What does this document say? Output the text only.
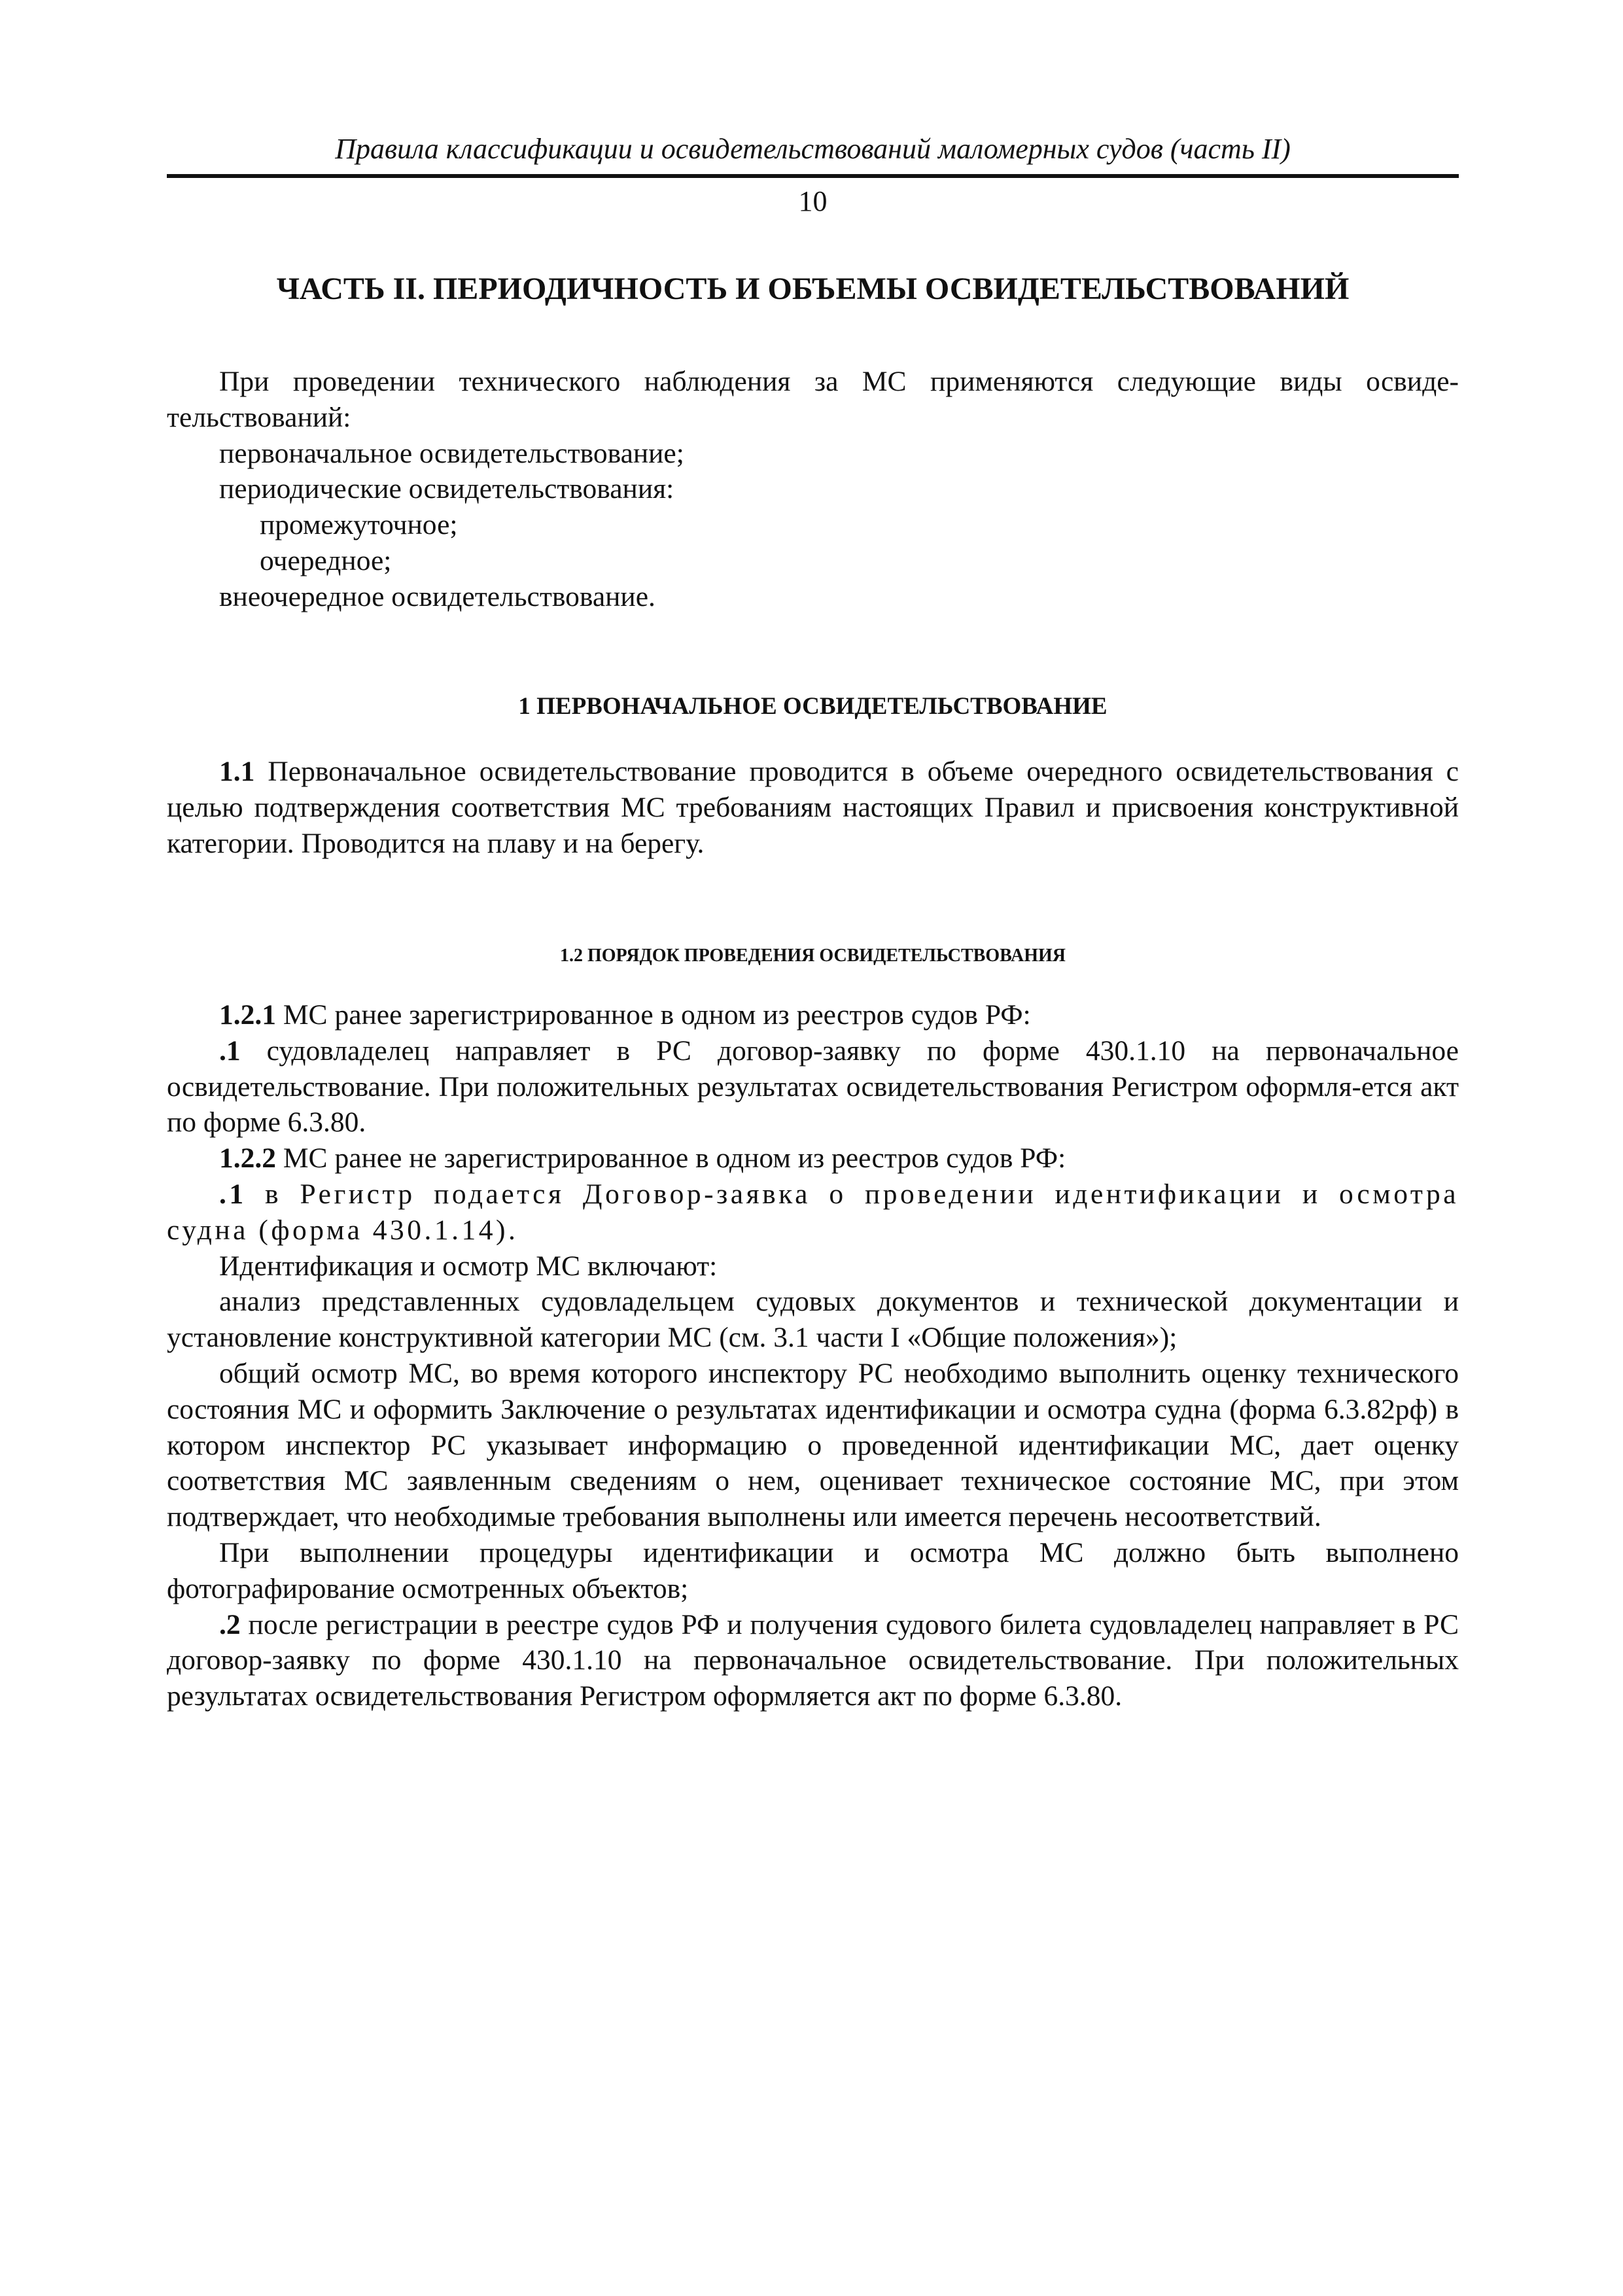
Правила классификации и освидетельствований маломерных судов (часть II)
10
ЧАСТЬ II. ПЕРИОДИЧНОСТЬ И ОБЪЕМЫ ОСВИДЕТЕЛЬСТВОВАНИЙ

При проведении технического наблюдения за МС применяются следующие виды освиде-тельствований:

первоначальное освидетельствование;

периодические освидетельствования:

промежуточное;

очередное;

внеочередное освидетельствование.

1 ПЕРВОНАЧАЛЬНОЕ ОСВИДЕТЕЛЬСТВОВАНИЕ

1.1 Первоначальное освидетельствование проводится в объеме очередного освидетельствования с целью подтверждения соответствия МС требованиям настоящих Правил и присвоения конструктивной категории. Проводится на плаву и на берегу.

1.2 ПОРЯДОК ПРОВЕДЕНИЯ ОСВИДЕТЕЛЬСТВОВАНИЯ

1.2.1 МС ранее зарегистрированное в одном из реестров судов РФ:

.1 судовладелец направляет в РС договор-заявку по форме 430.1.10 на первоначальное освидетельствование. При положительных результатах освидетельствования Регистром оформля-ется акт по форме 6.3.80.

1.2.2 МС ранее не зарегистрированное в одном из реестров судов РФ:

.1 в Регистр подается Договор-заявка о проведении идентификации и осмотра судна (форма 430.1.14).

Идентификация и осмотр МС включают:

анализ представленных судовладельцем судовых документов и технической документации и установление конструктивной категории МС (см. 3.1 части I «Общие положения»);

общий осмотр МС, во время которого инспектору РС необходимо выполнить оценку технического состояния МС и оформить Заключение о результатах идентификации и осмотра судна (форма 6.3.82рф) в котором инспектор РС указывает информацию о проведенной идентификации МС, дает оценку соответствия МС заявленным сведениям о нем, оценивает техническое состояние МС, при этом подтверждает, что необходимые требования выполнены или имеется перечень несоответствий.

При выполнении процедуры идентификации и осмотра МС должно быть выполнено фотографирование осмотренных объектов;

.2 после регистрации в реестре судов РФ и получения судового билета судовладелец направляет в РС договор-заявку по форме 430.1.10 на первоначальное освидетельствование. При положительных результатах освидетельствования Регистром оформляется акт по форме 6.3.80.
